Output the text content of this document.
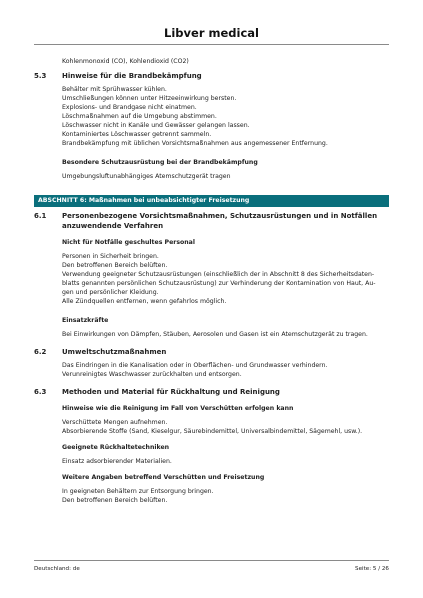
Libver medical
Kohlenmonoxid (CO), Kohlendioxid (CO2)
5.3 Hinweise für die Brandbekämpfung
Behälter mit Sprühwasser kühlen.
Umschließungen können unter Hitzeeinwirkung bersten.
Explosions- und Brandgase nicht einatmen.
Löschmaßnahmen auf die Umgebung abstimmen.
Löschwasser nicht in Kanäle und Gewässer gelangen lassen.
Kontaminiertes Löschwasser getrennt sammeln.
Brandbekämpfung mit üblichen Vorsichtsmaßnahmen aus angemessener Entfernung.
Besondere Schutzausrüstung bei der Brandbekämpfung
Umgebungsluftunabhängiges Atemschutzgerät tragen
ABSCHNITT 6: Maßnahmen bei unbeabsichtigter Freisetzung
6.1 Personenbezogene Vorsichtsmaßnahmen, Schutzausrüstungen und in Notfällen
anzuwendende Verfahren
Nicht für Notfälle geschultes Personal
Personen in Sicherheit bringen.
Den betroffenen Bereich belüften.
Verwendung geeigneter Schutzausrüstungen (einschließlich der in Abschnitt 8 des Sicherheitsdaten-
blatts genannten persönlichen Schutzausrüstung) zur Verhinderung der Kontamination von Haut, Au-
gen und persönlicher Kleidung.
Alle Zündquellen entfernen, wenn gefahrlos möglich.
Einsatzkräfte
Bei Einwirkungen von Dämpfen, Stäuben, Aerosolen und Gasen ist ein Atemschutzgerät zu tragen.
6.2 Umweltschutzmaßnahmen
Das Eindringen in die Kanalisation oder in Oberflächen- und Grundwasser verhindern.
Verunreinigtes Waschwasser zurückhalten und entsorgen.
6.3 Methoden und Material für Rückhaltung und Reinigung
Hinweise wie die Reinigung im Fall von Verschütten erfolgen kann
Verschüttete Mengen aufnehmen.
Absorbierende Stoffe (Sand, Kieselgur, Säurebindemittel, Universalbindemittel, Sägemehl, usw.).
Geeignete Rückhaltetechniken
Einsatz adsorbierender Materialien.
Weitere Angaben betreffend Verschütten und Freisetzung
In geeigneten Behältern zur Entsorgung bringen.
Den betroffenen Bereich belüften.
Deutschland: de	Seite: 5 / 26
